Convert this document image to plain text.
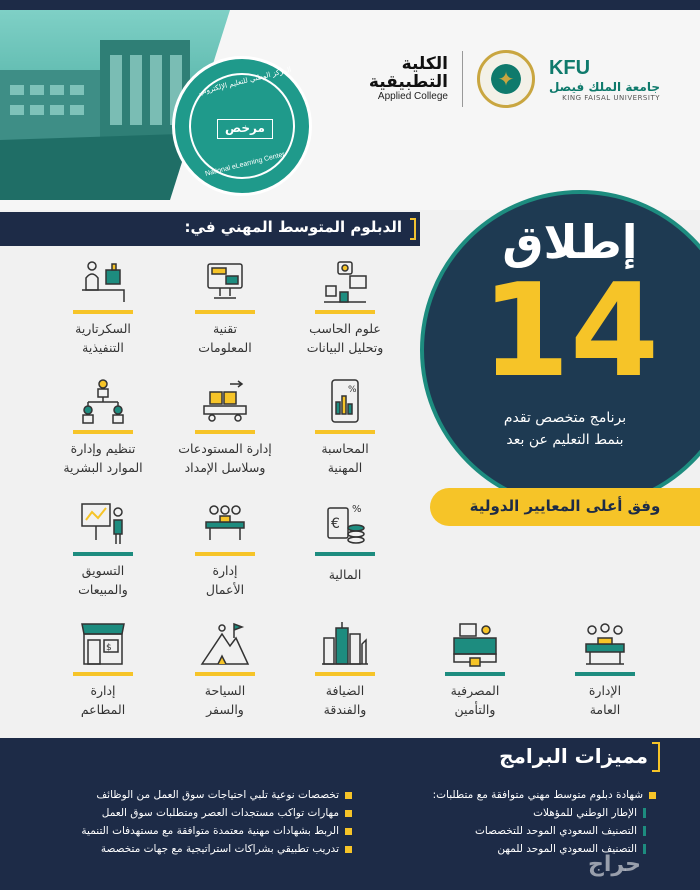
المركز الوطني للتعليم الإلكتروني
مرخص
National eLearning Center
الكلية
التطبيقية
Applied College
✦	KFU
جامعة الملك فيصل
KING FAISAL UNIVERSITY
الدبلوم المتوسط المهني في:	إطلاق
14
برنامج متخصص تقدم
بنمط التعليم عن بعد
وفق أعلى المعايير الدولية
علوم الحاسب
وتحليل البيانات
تقنية
المعلومات
السكرتارية
التنفيذية
%
المحاسبة
المهنية
إدارة المستودعات
وسلاسل الإمداد
تنظيم وإدارة
الموارد البشرية
€
%
المالية
إدارة
الأعمال
التسويق
والمبيعات
الإدارة
العامة
المصرفية
والتأمين
الضيافة
والفندقة
السياحة
والسفر
$
إدارة
المطاعم
مميزات البرامج
شهادة دبلوم متوسط مهني متوافقة مع متطلبات:
الإطار الوطني للمؤهلات
التصنيف السعودي الموحد للتخصصات
التصنيف السعودي الموحد للمهن
تخصصات نوعية تلبي احتياجات سوق العمل من الوظائف
مهارات تواكب مستجدات العصر ومتطلبات سوق العمل
الربط بشهادات مهنية معتمدة متوافقة مع مستهدفات التنمية
تدريب تطبيقي بشراكات استراتيجية مع جهات متخصصة
حراج
